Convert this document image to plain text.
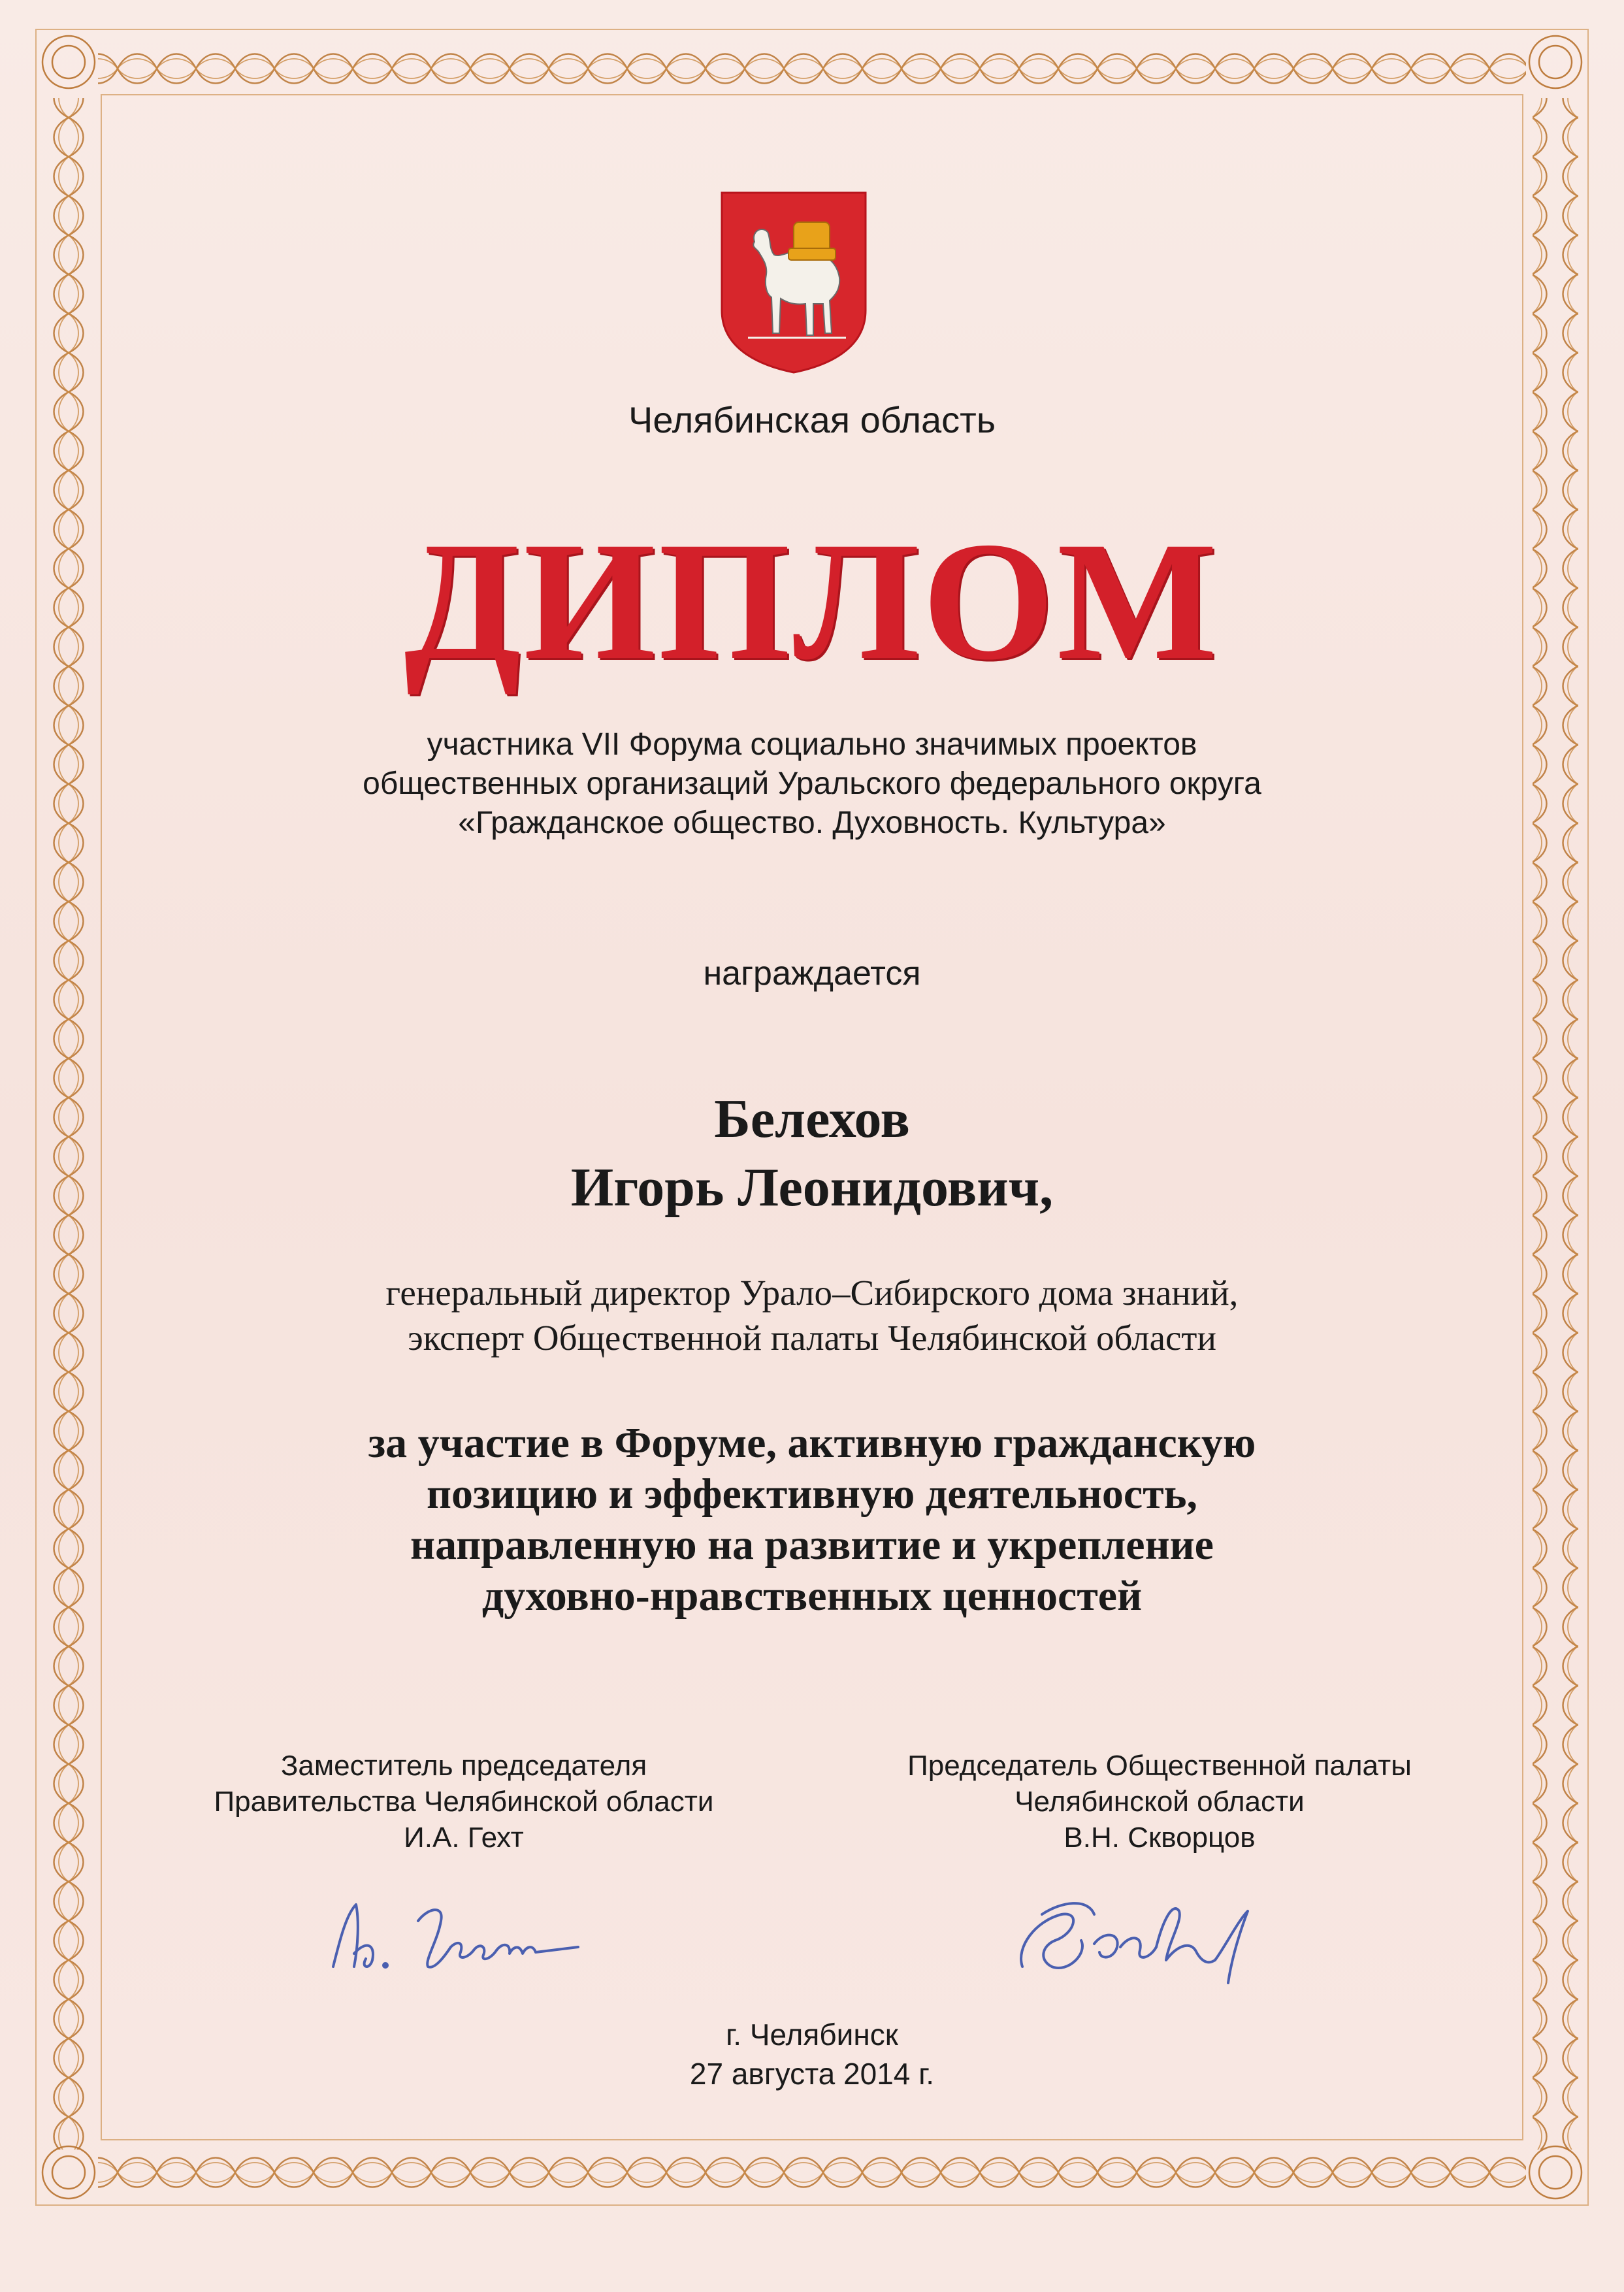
Челябинская область
ДИПЛОМ
участника VII Форума социально значимых проектов
общественных организаций Уральского федерального округа
«Гражданское общество. Духовность. Культура»
награждается
Белехов
Игорь Леонидович,
генеральный директор Урало–Сибирского дома знаний,
эксперт Общественной палаты Челябинской области
за участие в Форуме, активную гражданскую
позицию и эффективную деятельность,
направленную на развитие и укрепление
духовно-нравственных ценностей
Заместитель председателя
Правительства Челябинской области
И.А. Гехт
Председатель Общественной палаты
Челябинской области
В.Н. Скворцов
г. Челябинск
27 августа 2014 г.
